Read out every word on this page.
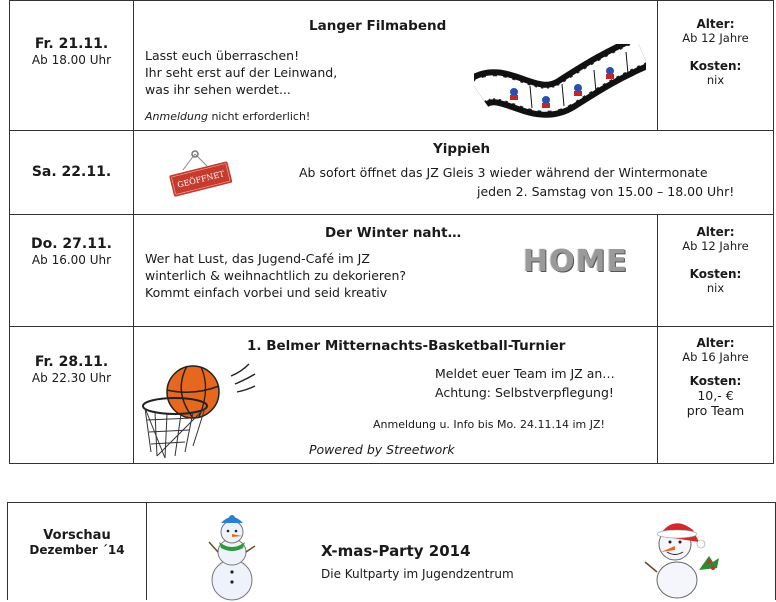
Fr. 21.11.
Ab 18.00 Uhr
Langer Filmabend
Lasst euch überraschen!
Ihr seht erst auf der Leinwand,
was ihr sehen werdet...
Anmeldung nicht erforderlich!
Alter:
Ab 12 Jahre
Kosten:
nix
Sa. 22.11.	GEÖFFNET
Yippieh
Ab sofort öffnet das JZ Gleis 3 wieder während der Wintermonate
jeden 2. Samstag von 15.00 – 18.00 Uhr!
Do. 27.11.
Ab 16.00 Uhr
Der Winter naht…
Wer hat Lust, das Jugend-Café im JZ
winterlich & weihnachtlich zu dekorieren?
Kommt einfach vorbei und seid kreativ
HOME
Alter:
Ab 12 Jahre
Kosten:
nix
Fr. 28.11.
Ab 22.30 Uhr
1. Belmer Mitternachts-Basketball-Turnier
Meldet euer Team im JZ an…
Achtung: Selbstverpflegung!
Anmeldung u. Info bis Mo. 24.11.14 im JZ!
Powered by Streetwork
Alter:
Ab 16 Jahre
Kosten:
10,- €
pro Team
Vorschau
Dezember ´14	X-mas-Party 2014
Die Kultparty im Jugendzentrum
